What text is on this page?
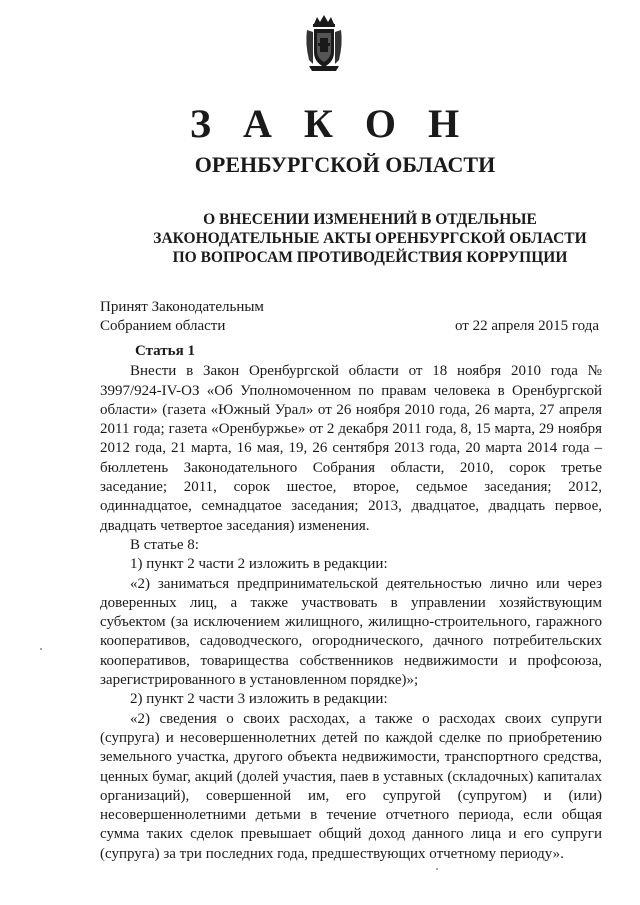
З А К О Н
ОРЕНБУРГСКОЙ ОБЛАСТИ
О ВНЕСЕНИИ ИЗМЕНЕНИЙ В ОТДЕЛЬНЫЕ
ЗАКОНОДАТЕЛЬНЫЕ АКТЫ ОРЕНБУРГСКОЙ ОБЛАСТИ
ПО ВОПРОСАМ ПРОТИВОДЕЙСТВИЯ КОРРУПЦИИ
Принят Законодательным
Собранием области	от 22 апреля 2015 года

Статья 1

Внести в Закон Оренбургской области от 18 ноября 2010 года № 3997/924-IV-ОЗ «Об Уполномоченном по правам человека в Оренбургской области» (газета «Южный Урал» от 26 ноября 2010 года, 26 марта, 27 апреля 2011 года; газета «Оренбуржье» от 2 декабря 2011 года, 8, 15 марта, 29 ноября 2012 года, 21 марта, 16 мая, 19, 26 сентября 2013 года, 20 марта 2014 года – бюллетень Законодательного Собрания области, 2010, сорок третье заседание; 2011, сорок шестое, второе, седьмое заседания; 2012, одиннадцатое, семнадцатое заседания; 2013, двадцатое, двадцать первое, двадцать четвертое заседания) изменения.

В статье 8:

1) пункт 2 части 2 изложить в редакции:

«2) заниматься предпринимательской деятельностью лично или через доверенных лиц, а также участвовать в управлении хозяйствующим субъектом (за исключением жилищного, жилищно-строительного, гаражного кооперативов, садоводческого, огороднического, дачного потребительских кооперативов, товарищества собственников недвижимости и профсоюза, зарегистрированного в установленном порядке)»;

2) пункт 2 части 3 изложить в редакции:

«2) сведения о своих расходах, а также о расходах своих супруги (супруга) и несовершеннолетних детей по каждой сделке по приобретению земельного участка, другого объекта недвижимости, транспортного средства, ценных бумаг, акций (долей участия, паев в уставных (складочных) капиталах организаций), совершенной им, его супругой (супругом) и (или) несовершеннолетними детьми в течение отчетного периода, если общая сумма таких сделок превышает общий доход данного лица и его супруги (супруга) за три последних года, предшествующих отчетному периоду».
